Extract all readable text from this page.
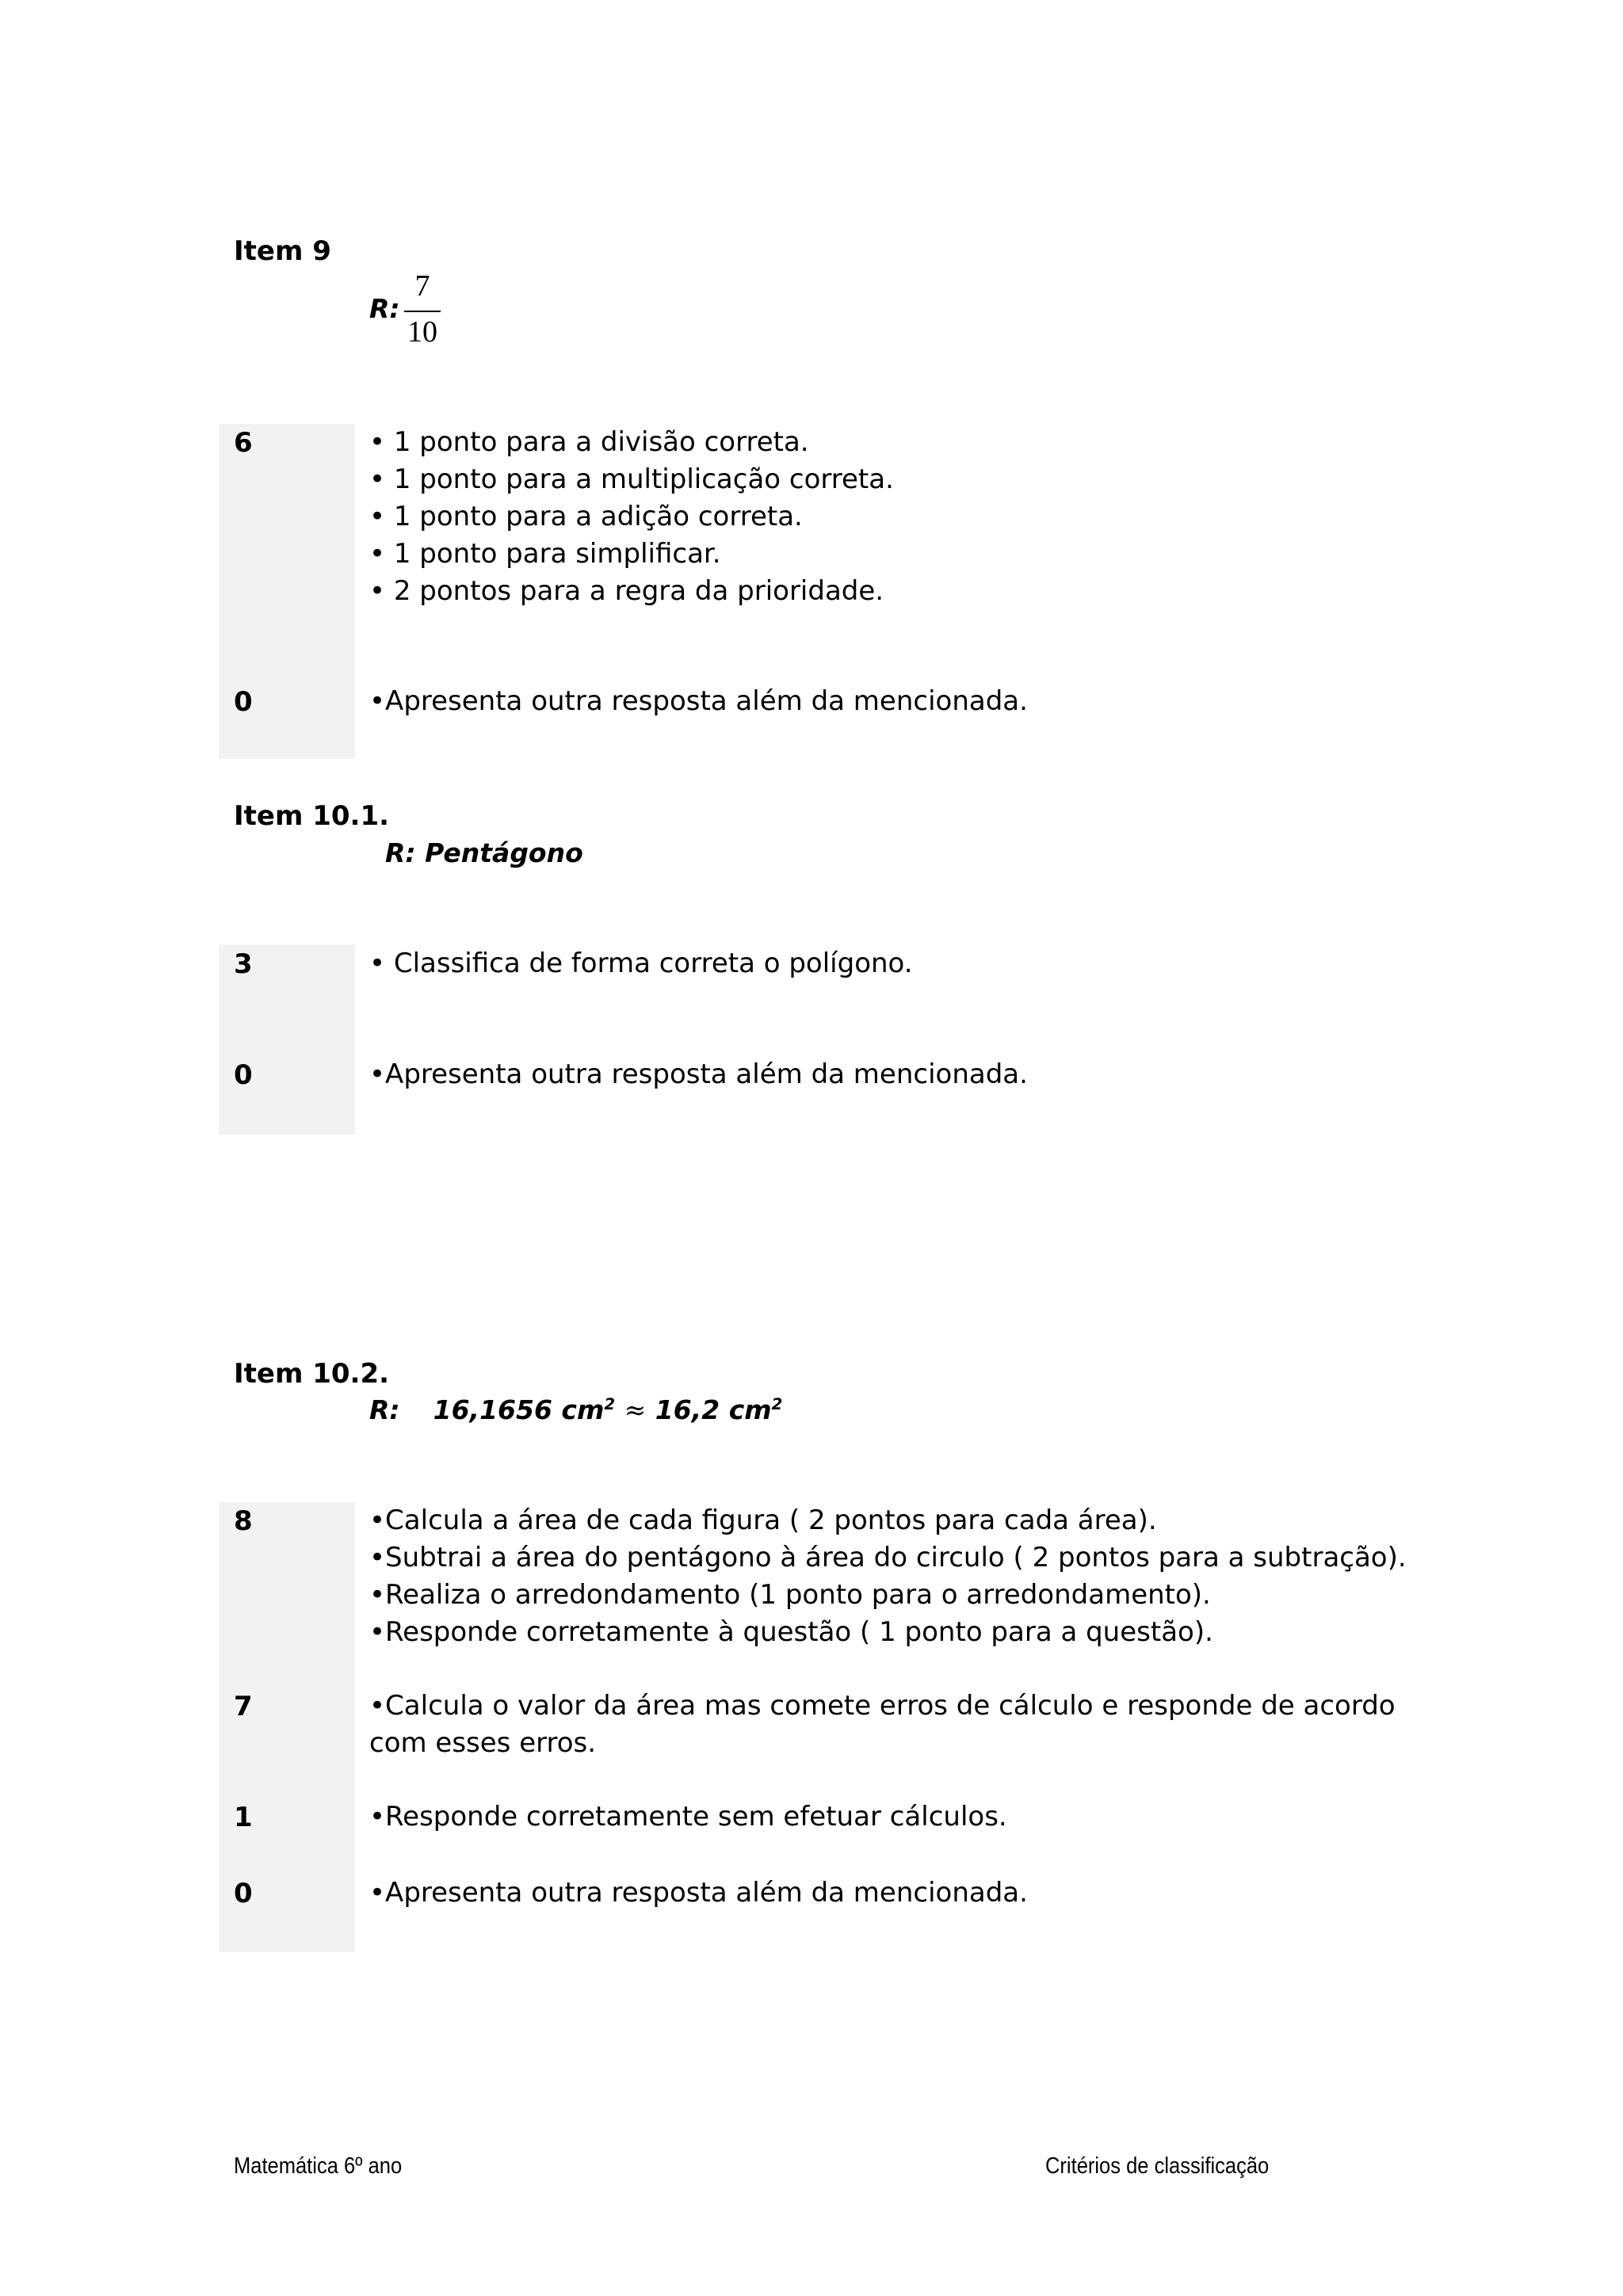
Item 9
R:
7
10
6	• 1 ponto para a divisão correta.
• 1 ponto para a multiplicação correta.
• 1 ponto para a adição correta.
• 1 ponto para simplificar.
• 2 pontos para a regra da prioridade.
0	•Apresenta outra resposta além da mencionada.
Item 10.1.
R: Pentágono
3	• Classifica de forma correta o polígono.
0	•Apresenta outra resposta além da mencionada.
Item 10.2.
R: 16,1656 $cm^2 \approx 16,2$ $cm^2$
8	•Calcula a área de cada figura ( 2 pontos para cada área).
•Subtrai a área do pentágono à área do circulo ( 2 pontos para a subtração).
•Realiza o arredondamento (1 ponto para o arredondamento).
•Responde corretamente à questão ( 1 ponto para a questão).
7	•Calcula o valor da área mas comete erros de cálculo e responde de acordo com esses erros.
1	•Responde corretamente sem efetuar cálculos.
0	•Apresenta outra resposta além da mencionada.
Matemática 6º ano	Critérios de classificação
